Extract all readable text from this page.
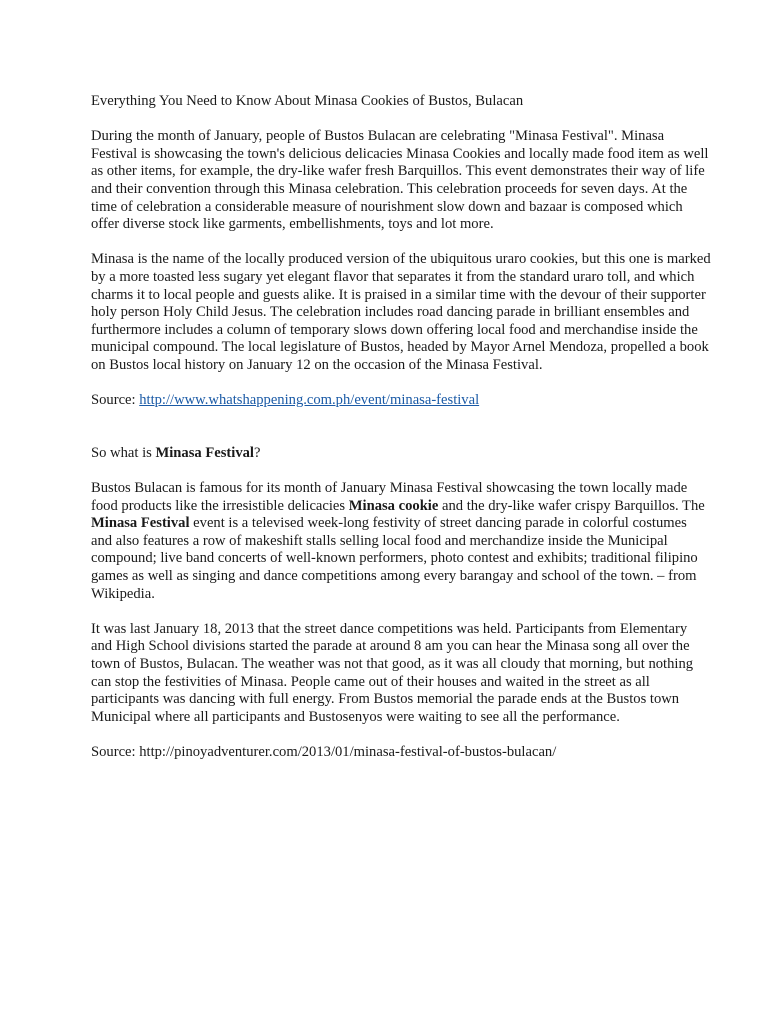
Everything You Need to Know About Minasa Cookies of Bustos, Bulacan

During the month of January, people of Bustos Bulacan are celebrating "Minasa Festival". Minasa Festival is showcasing the town's delicious delicacies Minasa Cookies and locally made food item as well as other items, for example, the dry-like wafer fresh Barquillos. This event demonstrates their way of life and their convention through this Minasa celebration. This celebration proceeds for seven days. At the time of celebration a considerable measure of nourishment slow down and bazaar is composed which offer diverse stock like garments, embellishments, toys and lot more.

Minasa is the name of the locally produced version of the ubiquitous uraro cookies, but this one is marked by a more toasted less sugary yet elegant flavor that separates it from the standard uraro toll, and which charms it to local people and guests alike. It is praised in a similar time with the devour of their supporter holy person Holy Child Jesus. The celebration includes road dancing parade in brilliant ensembles and furthermore includes a column of temporary slows down offering local food and merchandise inside the municipal compound. The local legislature of Bustos, headed by Mayor Arnel Mendoza, propelled a book on Bustos local history on January 12 on the occasion of the Minasa Festival.

Source: http://www.whatshappening.com.ph/event/minasa-festival

So what is Minasa Festival?

Bustos Bulacan is famous for its month of January Minasa Festival showcasing the town locally made food products like the irresistible delicacies Minasa cookie and the dry-like wafer crispy Barquillos. The Minasa Festival event is a televised week-long festivity of street dancing parade in colorful costumes and also features a row of makeshift stalls selling local food and merchandize inside the Municipal compound; live band concerts of well-known performers, photo contest and exhibits; traditional filipino games as well as singing and dance competitions among every barangay and school of the town. – from Wikipedia.

It was last January 18, 2013 that the street dance competitions was held. Participants from Elementary and High School divisions started the parade at around 8 am you can hear the Minasa song all over the town of Bustos, Bulacan. The weather was not that good, as it was all cloudy that morning, but nothing can stop the festivities of Minasa. People came out of their houses and waited in the street as all participants was dancing with full energy. From Bustos memorial the parade ends at the Bustos town Municipal where all participants and Bustosenyos were waiting to see all the performance.

Source: http://pinoyadventurer.com/2013/01/minasa-festival-of-bustos-bulacan/
